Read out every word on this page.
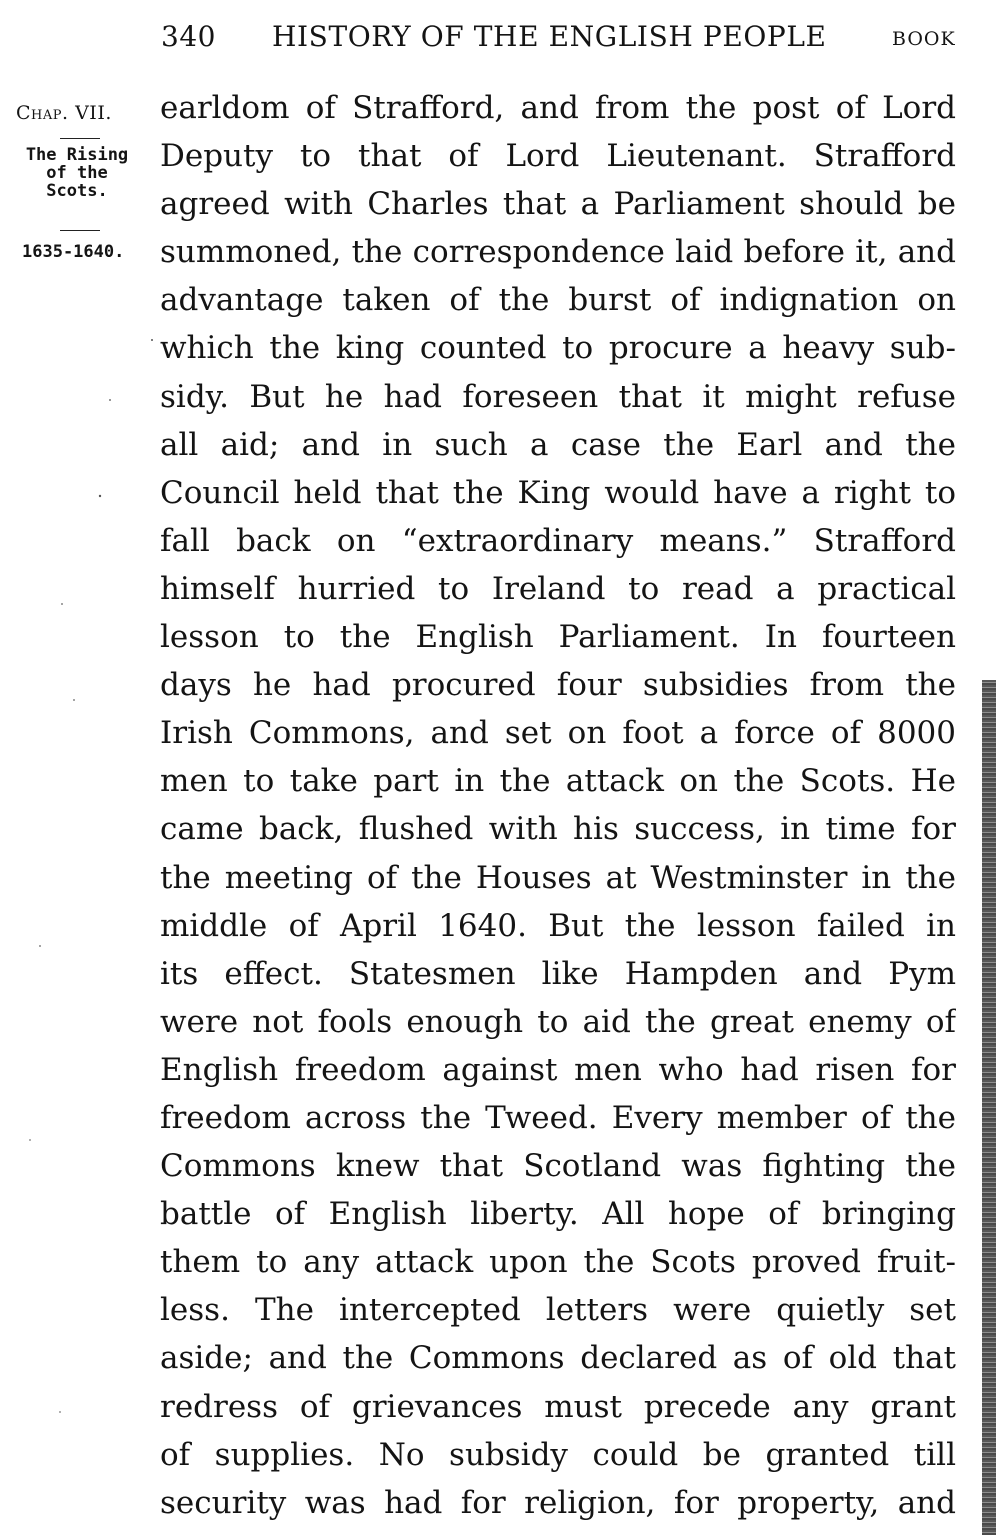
340 HISTORY OF THE ENGLISH PEOPLE	BOOK
Chap. VII.
The Rising
of the
Scots.
1635-1640.
earldom of Strafford, and from the post of Lord
Deputy to that of Lord Lieutenant. Strafford
agreed with Charles that a Parliament should be
summoned, the correspondence laid before it, and
advantage taken of the burst of indignation on
which the king counted to procure a heavy sub-
sidy. But he had foreseen that it might refuse
all aid; and in such a case the Earl and the
Council held that the King would have a right to
fall back on “extraordinary means.” Strafford
himself hurried to Ireland to read a practical
lesson to the English Parliament. In fourteen
days he had procured four subsidies from the
Irish Commons, and set on foot a force of 8000
men to take part in the attack on the Scots. He
came back, flushed with his success, in time for
the meeting of the Houses at Westminster in the
middle of April 1640. But the lesson failed in
its effect. Statesmen like Hampden and Pym
were not fools enough to aid the great enemy of
English freedom against men who had risen for
freedom across the Tweed. Every member of the
Commons knew that Scotland was fighting the
battle of English liberty. All hope of bringing
them to any attack upon the Scots proved fruit-
less. The intercepted letters were quietly set
aside; and the Commons declared as of old that
redress of grievances must precede any grant
of supplies. No subsidy could be granted till
security was had for religion, for property, and
